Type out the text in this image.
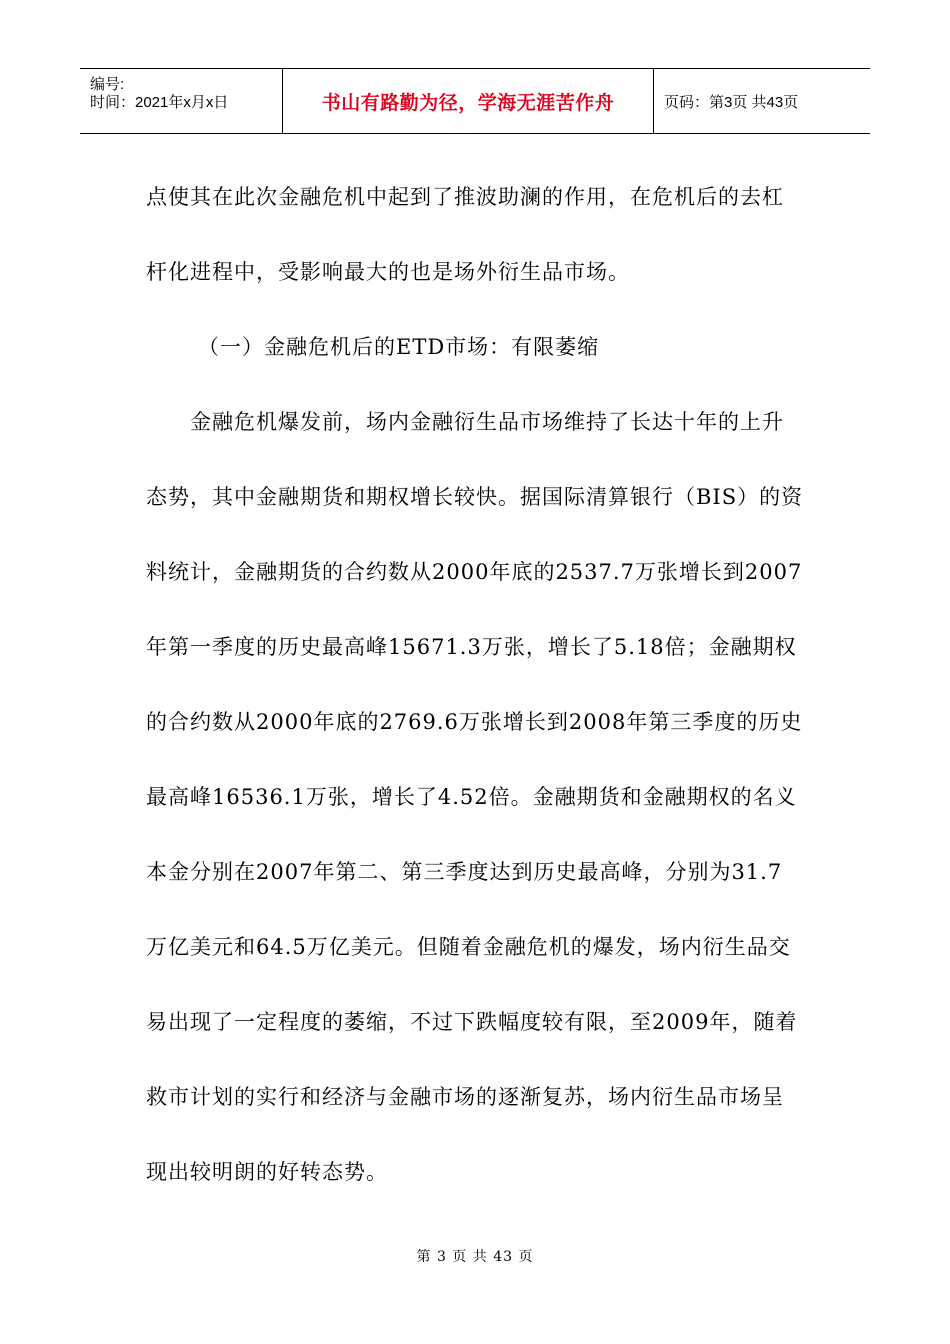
编号:
时间：2021年x月x日	书山有路勤为径，学海无涯苦作舟	页码：第3页 共43页

点使其在此次金融危机中起到了推波助澜的作用，在危机后的去杠

杆化进程中，受影响最大的也是场外衍生品市场。

（一）金融危机后的ETD市场：有限萎缩

金融危机爆发前，场内金融衍生品市场维持了长达十年的上升

态势，其中金融期货和期权增长较快。据国际清算银行（BIS）的资

料统计，金融期货的合约数从2000年底的2537.7万张增长到2007

年第一季度的历史最高峰15671.3万张，增长了5.18倍；金融期权

的合约数从2000年底的2769.6万张增长到2008年第三季度的历史

最高峰16536.1万张，增长了4.52倍。金融期货和金融期权的名义

本金分别在2007年第二、第三季度达到历史最高峰，分别为31.7

万亿美元和64.5万亿美元。但随着金融危机的爆发，场内衍生品交

易出现了一定程度的萎缩，不过下跌幅度较有限，至2009年，随着

救市计划的实行和经济与金融市场的逐渐复苏，场内衍生品市场呈

现出较明朗的好转态势。

第 3 页 共 43 页
